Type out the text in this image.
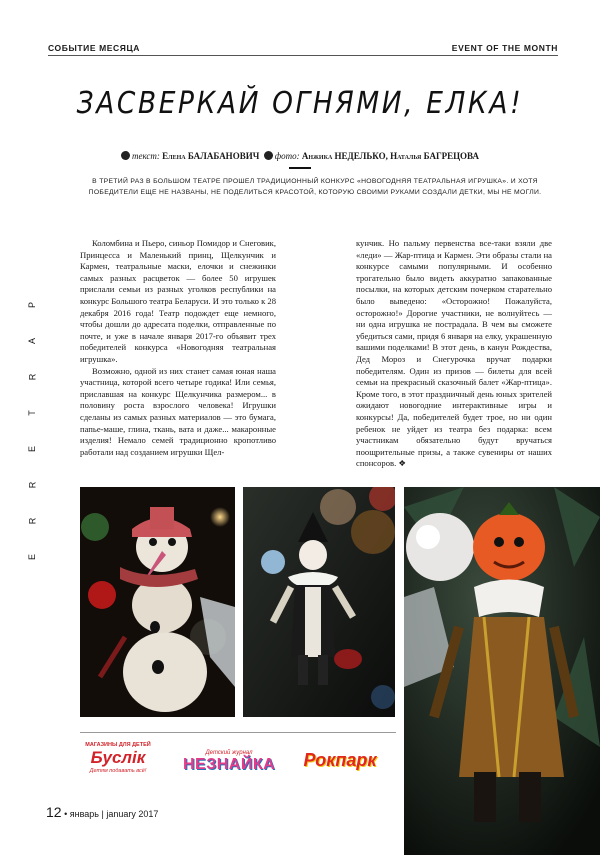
СОБЫТИЕ МЕСЯЦА	EVENT OF THE MONTH
ЗАСВЕРКАЙ ОГНЯМИ, ЕЛКА!
текст: Елена БАЛАБАНОВИЧ фото: Анжика НЕДЕЛЬКО, Наталья БАГРЕЦОВА
В ТРЕТИЙ РАЗ В БОЛЬШОМ ТЕАТРЕ ПРОШЕЛ ТРАДИЦИОННЫЙ КОНКУРС «НОВОГОДНЯЯ ТЕАТРАЛЬНАЯ ИГРУШКА». И ХОТЯ ПОБЕДИТЕЛИ ЕЩЕ НЕ НАЗВАНЫ, НЕ ПОДЕЛИТЬСЯ КРАСОТОЙ, КОТОРУЮ СВОИМИ РУКАМИ СОЗДАЛИ ДЕТКИ, МЫ НЕ МОГЛИ.
P
A
R
T
E
R
R
E

Коломбина и Пьеро, синьор Помидор и Снеговик, Принцесса и Маленький принц, Щелкунчик и Кармен, театральные маски, елочки и снежинки самых разных расцветок — более 50 игрушек прислали семьи из разных уголков республики на конкурс Большого театра Беларуси. И это только к 28 декабря 2016 года! Театр подождет еще немного, чтобы дошли до адресата поделки, отправленные по почте, и уже в начале января 2017-го объявит трех победителей конкурса «Новогодняя театральная игрушка».

Возможно, одной из них станет самая юная наша участница, которой всего четыре годика! Или семья, приславшая на конкурс Щелкунчика размером... в половину роста взрослого человека! Игрушки сделаны из самых разных материалов — это бумага, папье-маше, глина, ткань, вата и даже... макаронные изделия! Немало семей традиционно кропотливо работали над созданием игрушки Щел-

кунчик. Но пальму первенства все-таки взяли две «леди» — Жар-птица и Кармен. Эти образы стали на конкурсе самыми популярными. И особенно трогательно было видеть аккуратно запакованные посылки, на которых детским почерком старательно было выведено: «Осторожно! Пожалуйста, осторожно!» Дорогие участники, не волнуйтесь — ни одна игрушка не пострадала. В чем вы сможете убедиться сами, придя 6 января на елку, украшенную вашими поделками! В этот день, в канун Рождества, Дед Мороз и Снегурочка вручат подарки победителям. Один из призов — билеты для всей семьи на прекрасный сказочный балет «Жар-птица». Кроме того, в этот праздничный день юных зрителей ожидают новогодние интерактивные игры и конкурсы! Да, победителей будет трое, но ни один ребенок не уйдет из театра без подарка: всем участникам обязательно будут вручаться поощрительные призы, а также сувениры от наших спонсоров. ❖

МАГАЗИНЫ ДЛЯ ДЕТЕЙ
Буслік
Детям подавать всё!
Детский журнал
НЕЗНАЙКА Рокпарк
12 • январь | january 2017
